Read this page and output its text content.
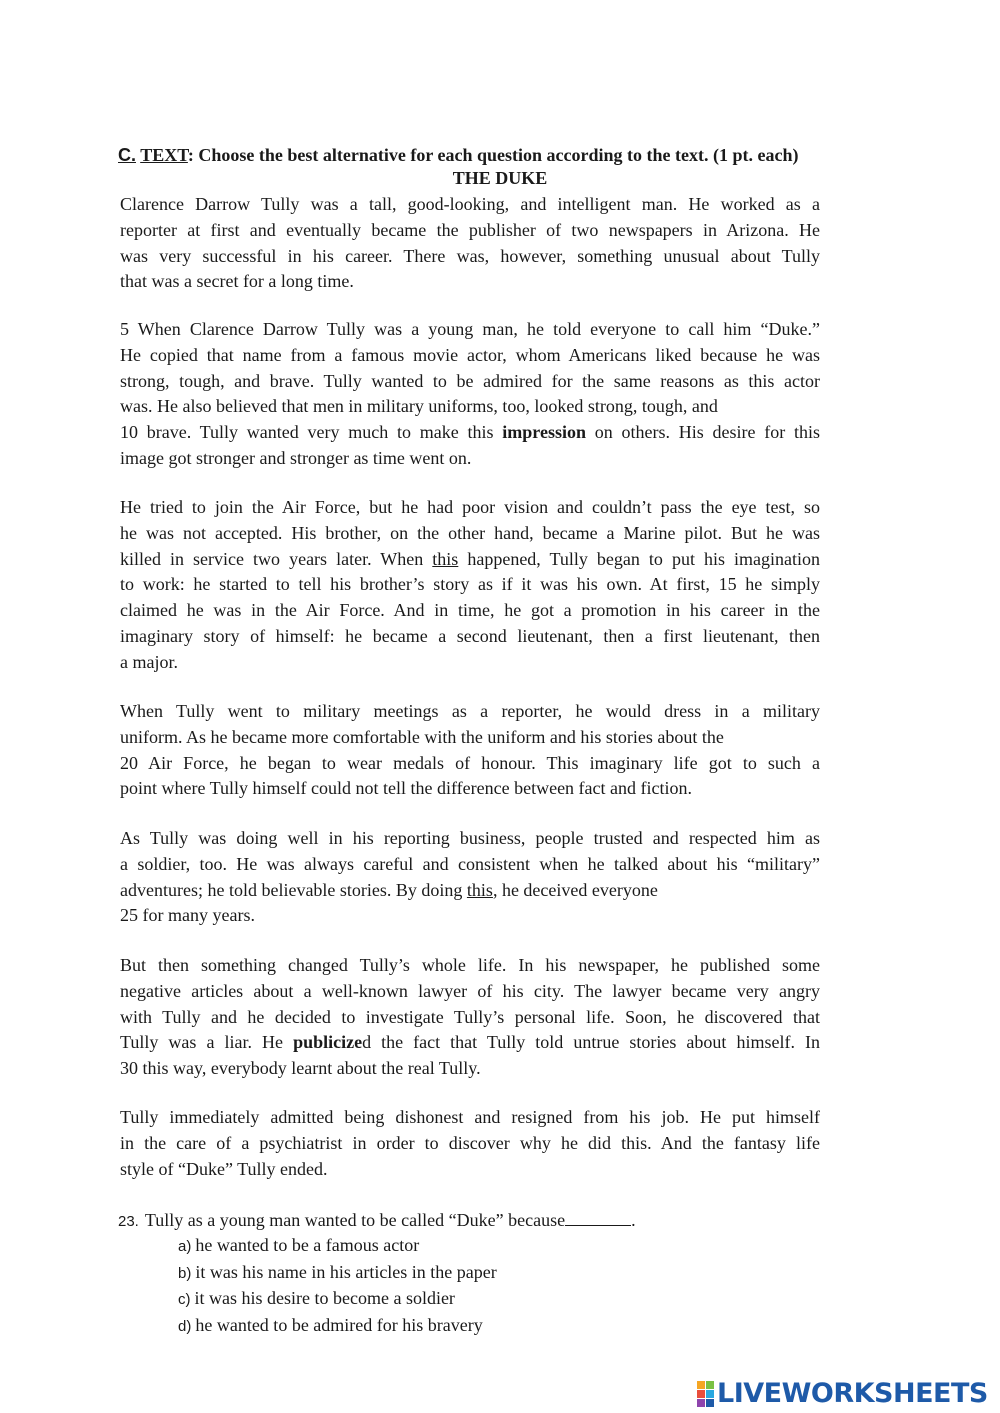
C. TEXT: Choose the best alternative for each question according to the text. (1 pt. each)
THE DUKE
Clarence Darrow Tully was a tall, good-looking, and intelligent man. He worked as a
reporter at first and eventually became the publisher of two newspapers in Arizona. He
was very successful in his career. There was, however, something unusual about Tully
that was a secret for a long time.
5 When Clarence Darrow Tully was a young man, he told everyone to call him “Duke.”
He copied that name from a famous movie actor, whom Americans liked because he was
strong, tough, and brave. Tully wanted to be admired for the same reasons as this actor
was. He also believed that men in military uniforms, too, looked strong, tough, and
10 brave. Tully wanted very much to make this impression on others. His desire for this
image got stronger and stronger as time went on.
He tried to join the Air Force, but he had poor vision and couldn’t pass the eye test, so
he was not accepted. His brother, on the other hand, became a Marine pilot. But he was
killed in service two years later. When this happened, Tully began to put his imagination
to work: he started to tell his brother’s story as if it was his own. At first, 15 he simply
claimed he was in the Air Force. And in time, he got a promotion in his career in the
imaginary story of himself: he became a second lieutenant, then a first lieutenant, then
a major.
When Tully went to military meetings as a reporter, he would dress in a military
uniform. As he became more comfortable with the uniform and his stories about the
20 Air Force, he began to wear medals of honour. This imaginary life got to such a
point where Tully himself could not tell the difference between fact and fiction.
As Tully was doing well in his reporting business, people trusted and respected him as
a soldier, too. He was always careful and consistent when he talked about his “military”
adventures; he told believable stories. By doing this, he deceived everyone
25 for many years.
But then something changed Tully’s whole life. In his newspaper, he published some
negative articles about a well-known lawyer of his city. The lawyer became very angry
with Tully and he decided to investigate Tully’s personal life. Soon, he discovered that
Tully was a liar. He publicized the fact that Tully told untrue stories about himself. In
30 this way, everybody learnt about the real Tully.
Tully immediately admitted being dishonest and resigned from his job. He put himself
in the care of a psychiatrist in order to discover why he did this. And the fantasy life
style of “Duke” Tully ended.
23. Tully as a young man wanted to be called “Duke” because	.
a) he wanted to be a famous actor
b) it was his name in his articles in the paper
c) it was his desire to become a soldier
d) he wanted to be admired for his bravery
LIVEWORKSHEETS
